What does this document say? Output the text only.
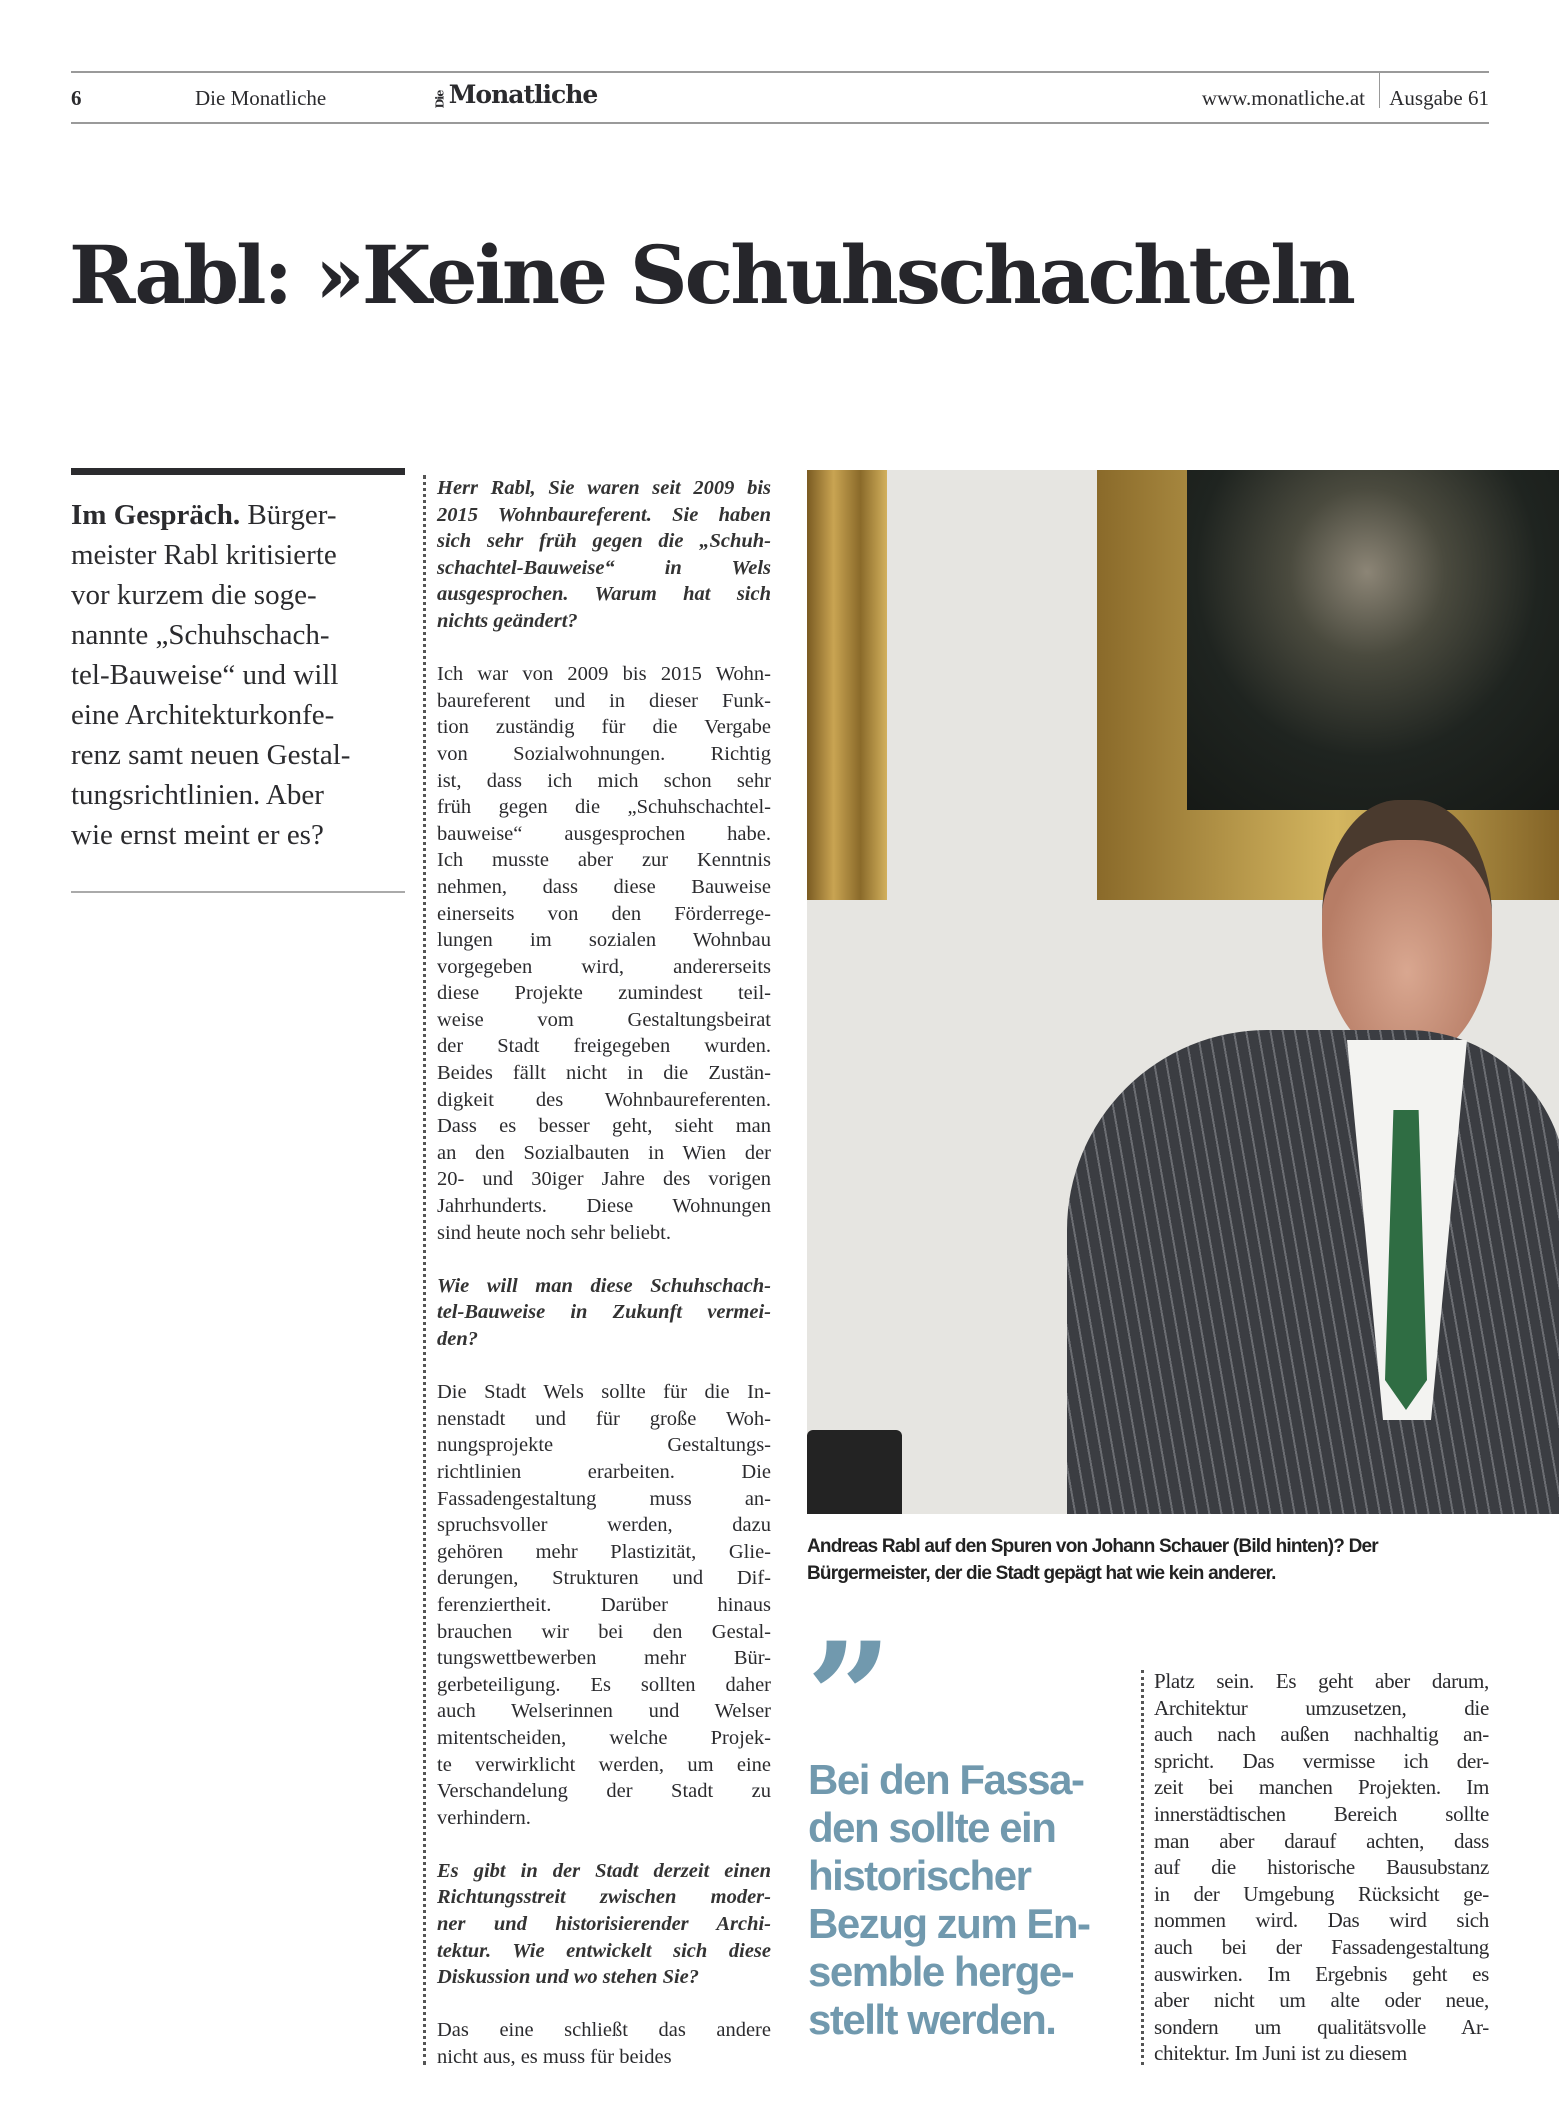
6	Die Monatliche	DieMonatliche	www.monatliche.at Ausgabe 61
Rabl: »Keine Schuhschachteln
Im Gespräch. Bürger-
meister Rabl kritisierte
vor kurzem die soge-
nannte „Schuhschach-
tel-Bauweise“ und will
eine Architekturkonfe-
renz samt neuen Gestal-
tungsrichtlinien. Aber
wie ernst meint er es?
Herr Rabl, Sie waren seit 2009 bis
2015 Wohnbaureferent. Sie haben
sich sehr früh gegen die „Schuh-
schachtel-Bauweise“ in Wels
ausgesprochen. Warum hat sich
nichts geändert?
Ich war von 2009 bis 2015 Wohn-
baureferent und in dieser Funk-
tion zuständig für die Vergabe
von Sozialwohnungen. Richtig
ist, dass ich mich schon sehr
früh gegen die „Schuhschachtel-
bauweise“ ausgesprochen habe.
Ich musste aber zur Kenntnis
nehmen, dass diese Bauweise
einerseits von den Förderrege-
lungen im sozialen Wohnbau
vorgegeben wird, andererseits
diese Projekte zumindest teil-
weise vom Gestaltungsbeirat
der Stadt freigegeben wurden.
Beides fällt nicht in die Zustän-
digkeit des Wohnbaureferenten.
Dass es besser geht, sieht man
an den Sozialbauten in Wien der
20- und 30iger Jahre des vorigen
Jahrhunderts. Diese Wohnungen
sind heute noch sehr beliebt.
Wie will man diese Schuhschach-
tel-Bauweise in Zukunft vermei-
den?
Die Stadt Wels sollte für die In-
nenstadt und für große Woh-
nungsprojekte Gestaltungs-
richtlinien erarbeiten. Die
Fassadengestaltung muss an-
spruchsvoller werden, dazu
gehören mehr Plastizität, Glie-
derungen, Strukturen und Dif-
ferenziertheit. Darüber hinaus
brauchen wir bei den Gestal-
tungswettbewerben mehr Bür-
gerbeteiligung. Es sollten daher
auch Welserinnen und Welser
mitentscheiden, welche Projek-
te verwirklicht werden, um eine
Verschandelung der Stadt zu
verhindern.
Es gibt in der Stadt derzeit einen
Richtungsstreit zwischen moder-
ner und historisierender Archi-
tektur. Wie entwickelt sich diese
Diskussion und wo stehen Sie?
Das eine schließt das andere
nicht aus, es muss für beides
Andreas Rabl auf den Spuren von Johann Schauer (Bild hinten)? Der
Bürgermeister, der die Stadt gepägt hat wie kein anderer.
”
Bei den Fassa-
den sollte ein
historischer
Bezug zum En-
semble herge-
stellt werden.
Platz sein. Es geht aber darum,
Architektur umzusetzen, die
auch nach außen nachhaltig an-
spricht. Das vermisse ich der-
zeit bei manchen Projekten. Im
innerstädtischen Bereich sollte
man aber darauf achten, dass
auf die historische Bausubstanz
in der Umgebung Rücksicht ge-
nommen wird. Das wird sich
auch bei der Fassadengestaltung
auswirken. Im Ergebnis geht es
aber nicht um alte oder neue,
sondern um qualitätsvolle Ar-
chitektur. Im Juni ist zu diesem
